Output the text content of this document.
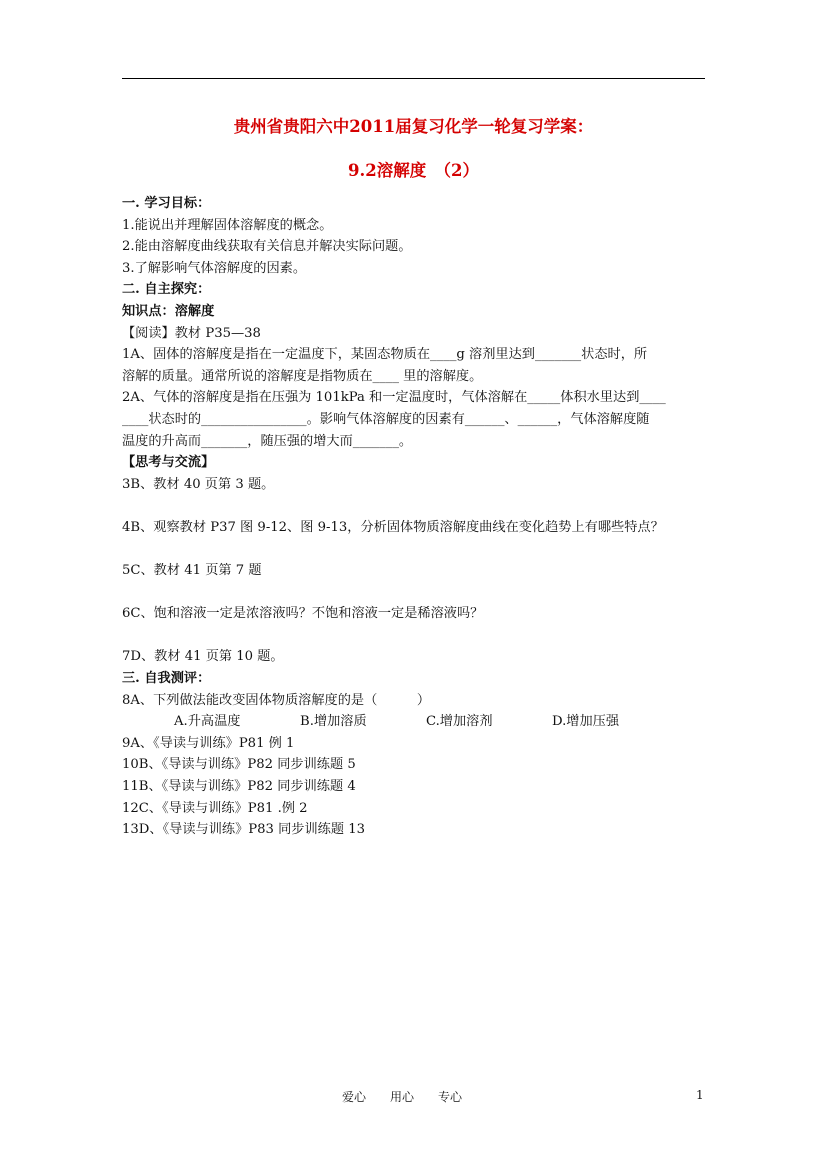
贵州省贵阳六中2011届复习化学一轮复习学案：
9.2溶解度　（2）
一. 学习目标：
1.能说出并理解固体溶解度的概念。
2.能由溶解度曲线获取有关信息并解决实际问题。
3.了解影响气体溶解度的因素。
二. 自主探究：
知识点：溶解度
【阅读】教材 P35—38
1A、固体的溶解度是指在一定温度下，某固态物质在____g 溶剂里达到_______状态时，所
溶解的质量。通常所说的溶解度是指物质在____ 里的溶解度。
2A、气体的溶解度是指在压强为 101kPa 和一定温度时，气体溶解在_____体积水里达到____
____状态时的________________。影响气体溶解度的因素有______、______，气体溶解度随
温度的升高而_______，随压强的增大而_______。
【思考与交流】
3B、教材 40 页第 3 题。
4B、观察教材 P37 图 9-12、图 9-13，分析固体物质溶解度曲线在变化趋势上有哪些特点？
5C、教材 41 页第 7 题
6C、饱和溶液一定是浓溶液吗？不饱和溶液一定是稀溶液吗？
7D、教材 41 页第 10 题。
三. 自我测评：
8A、下列做法能改变固体物质溶解度的是（　　　）
A.升高温度	B.增加溶质	C.增加溶剂	D.增加压强
9A、《导读与训练》P81 例 1
10B、《导读与训练》P82 同步训练题 5
11B、《导读与训练》P82 同步训练题 4
12C、《导读与训练》P81 .例 2
13D、《导读与训练》P83 同步训练题 13
爱心 用心 专心	1
